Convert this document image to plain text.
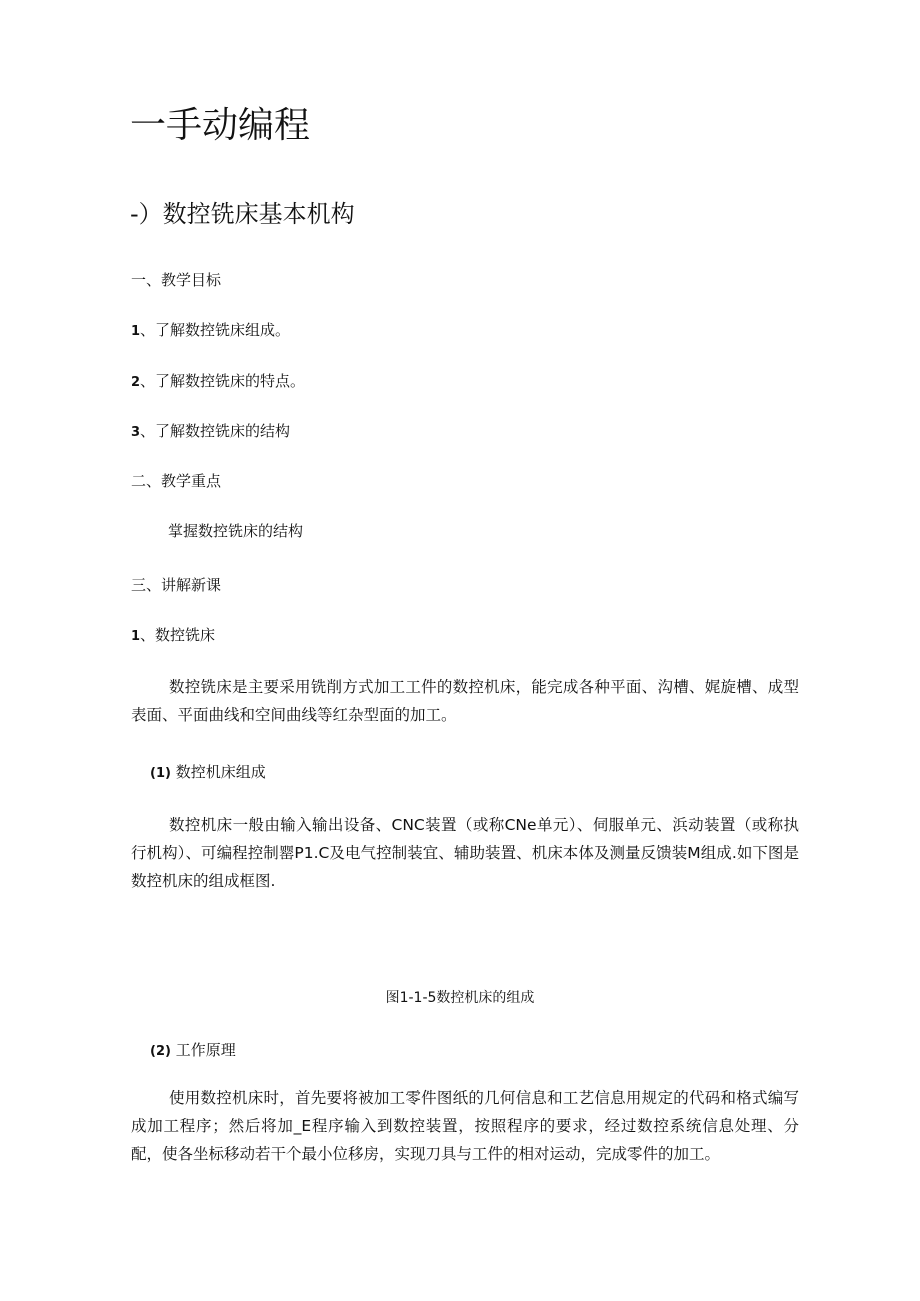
一手动编程
-）数控铣床基本机构
一、教学目标
1、了解数控铣床组成。
2、了解数控铣床的特点。
3、了解数控铣床的结构
二、教学重点
掌握数控铣床的结构
三、讲解新课
1、数控铣床

数控铣床是主要采用铣削方式加工工件的数控机床，能完成各种平面、沟槽、娓旋槽、成型表面、平面曲线和空间曲线等红杂型面的加工。

(1) 数控机床组成

数控机床一般由输入输出设备、CNC装置（或称CNe单元）、伺服单元、浜动装置（或称执行机构）、可编程控制罂P1.C及电气控制装宜、辅助装置、机床本体及测量反馈装M组成.如下图是数控机床的组成框图.

图1-1-5数控机床的组成
(2) 工作原理

使用数控机床时，首先要将被加工零件图纸的几何信息和工艺信息用规定的代码和格式编写成加工程序；然后将加_E程序输入到数控装置，按照程序的要求，经过数控系统信息处理、分配，使各坐标移动若干个最小位移房，实现刀具与工件的相对运动，完成零件的加工。
